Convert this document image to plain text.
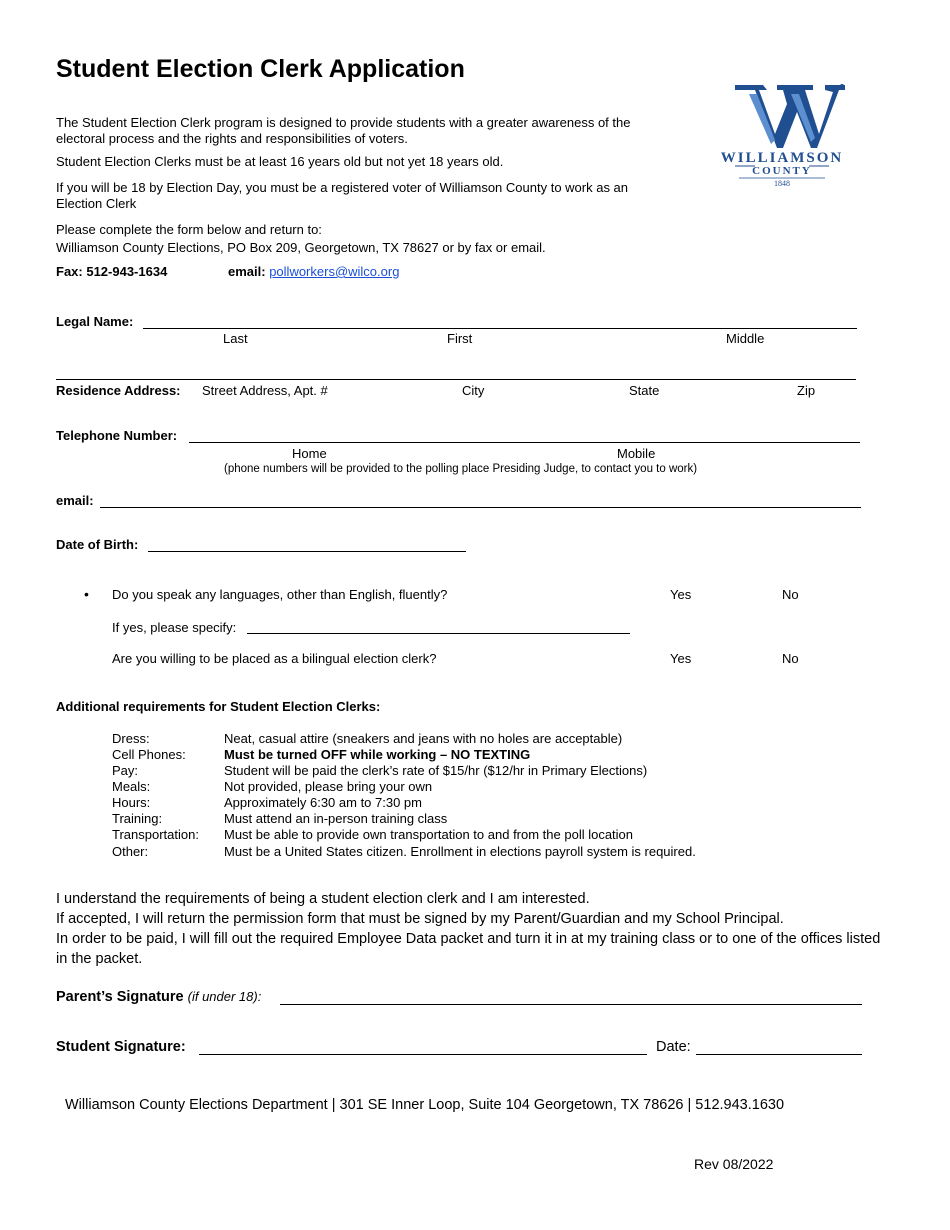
Student Election Clerk Application
WILLIAMSON
COUNTY
1848
The Student Election Clerk program is designed to provide students with a greater awareness of the electoral process and the rights and responsibilities of voters.
Student Election Clerks must be at least 16 years old but not yet 18 years old.
If you will be 18 by Election Day, you must be a registered voter of Williamson County to work as an Election Clerk
Please complete the form below and return to:
Williamson County Elections, PO Box 209, Georgetown, TX 78627 or by fax or email.
Fax: 512-943-1634	email: pollworkers@wilco.org
Legal Name:
Last	First	Middle
Residence Address: Street Address, Apt. #	City	State	Zip
Telephone Number:
Home	Mobile
(phone numbers will be provided to the polling place Presiding Judge, to contact you to work)
email:
Date of Birth:
• Do you speak any languages, other than English, fluently?	Yes	No
If yes, please specify:
Are you willing to be placed as a bilingual election clerk?	Yes	No
Additional requirements for Student Election Clerks:
Dress:	Neat, casual attire (sneakers and jeans with no holes are acceptable)
Cell Phones:	Must be turned OFF while working – NO TEXTING
Pay:	Student will be paid the clerk’s rate of $15/hr ($12/hr in Primary Elections)
Meals:	Not provided, please bring your own
Hours:	Approximately 6:30 am to 7:30 pm
Training:	Must attend an in-person training class
Transportation:	Must be able to provide own transportation to and from the poll location
Other:	Must be a United States citizen. Enrollment in elections payroll system is required.
I understand the requirements of being a student election clerk and I am interested.
If accepted, I will return the permission form that must be signed by my Parent/Guardian and my School Principal.
In order to be paid, I will fill out the required Employee Data packet and turn it in at my training class or to one of the offices listed in the packet.
Parent’s Signature (if under 18):
Student Signature:	Date:
Williamson County Elections Department | 301 SE Inner Loop, Suite 104 Georgetown, TX 78626 | 512.943.1630
Rev 08/2022
